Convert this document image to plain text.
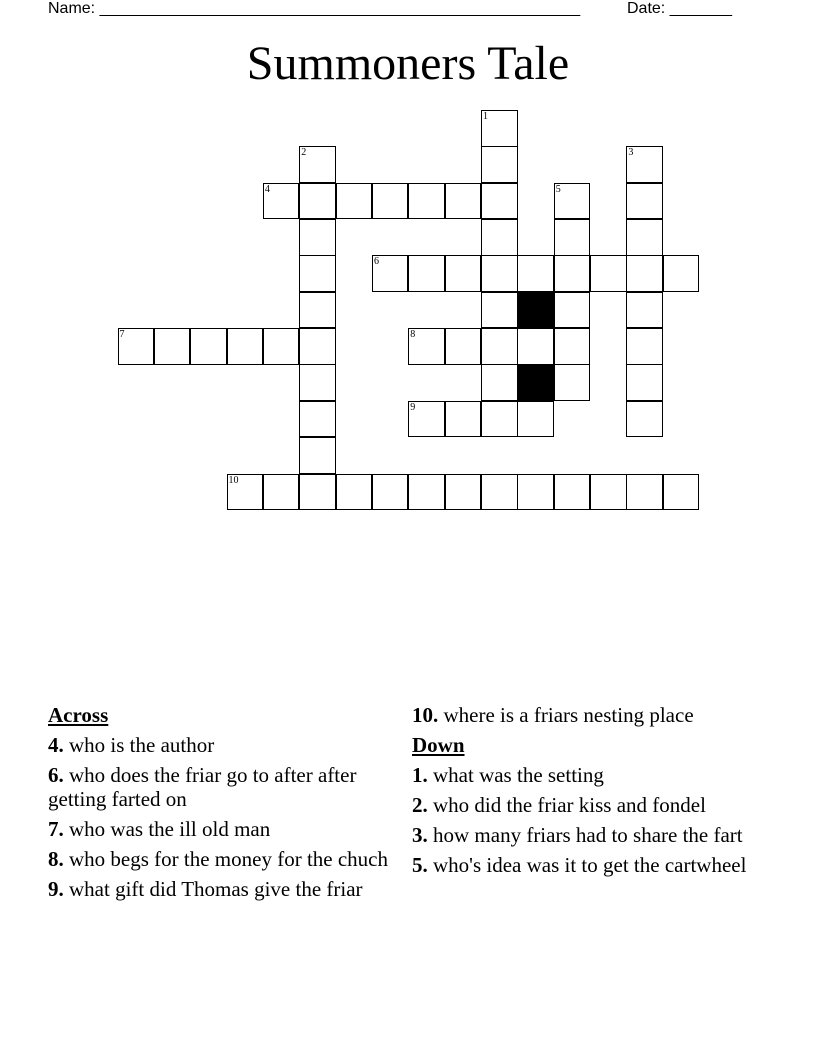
Name: ______________________________________________________	Date: _______
Summoners Tale
1
2	3
4	5
6
7	8
9
10
Across
4. who is the author
6. who does the friar go to after after getting farted on
7. who was the ill old man
8. who begs for the money for the chuch
9. what gift did Thomas give the friar
10. where is a friars nesting place
Down
1. what was the setting
2. who did the friar kiss and fondel
3. how many friars had to share the fart
5. who's idea was it to get the cartwheel
